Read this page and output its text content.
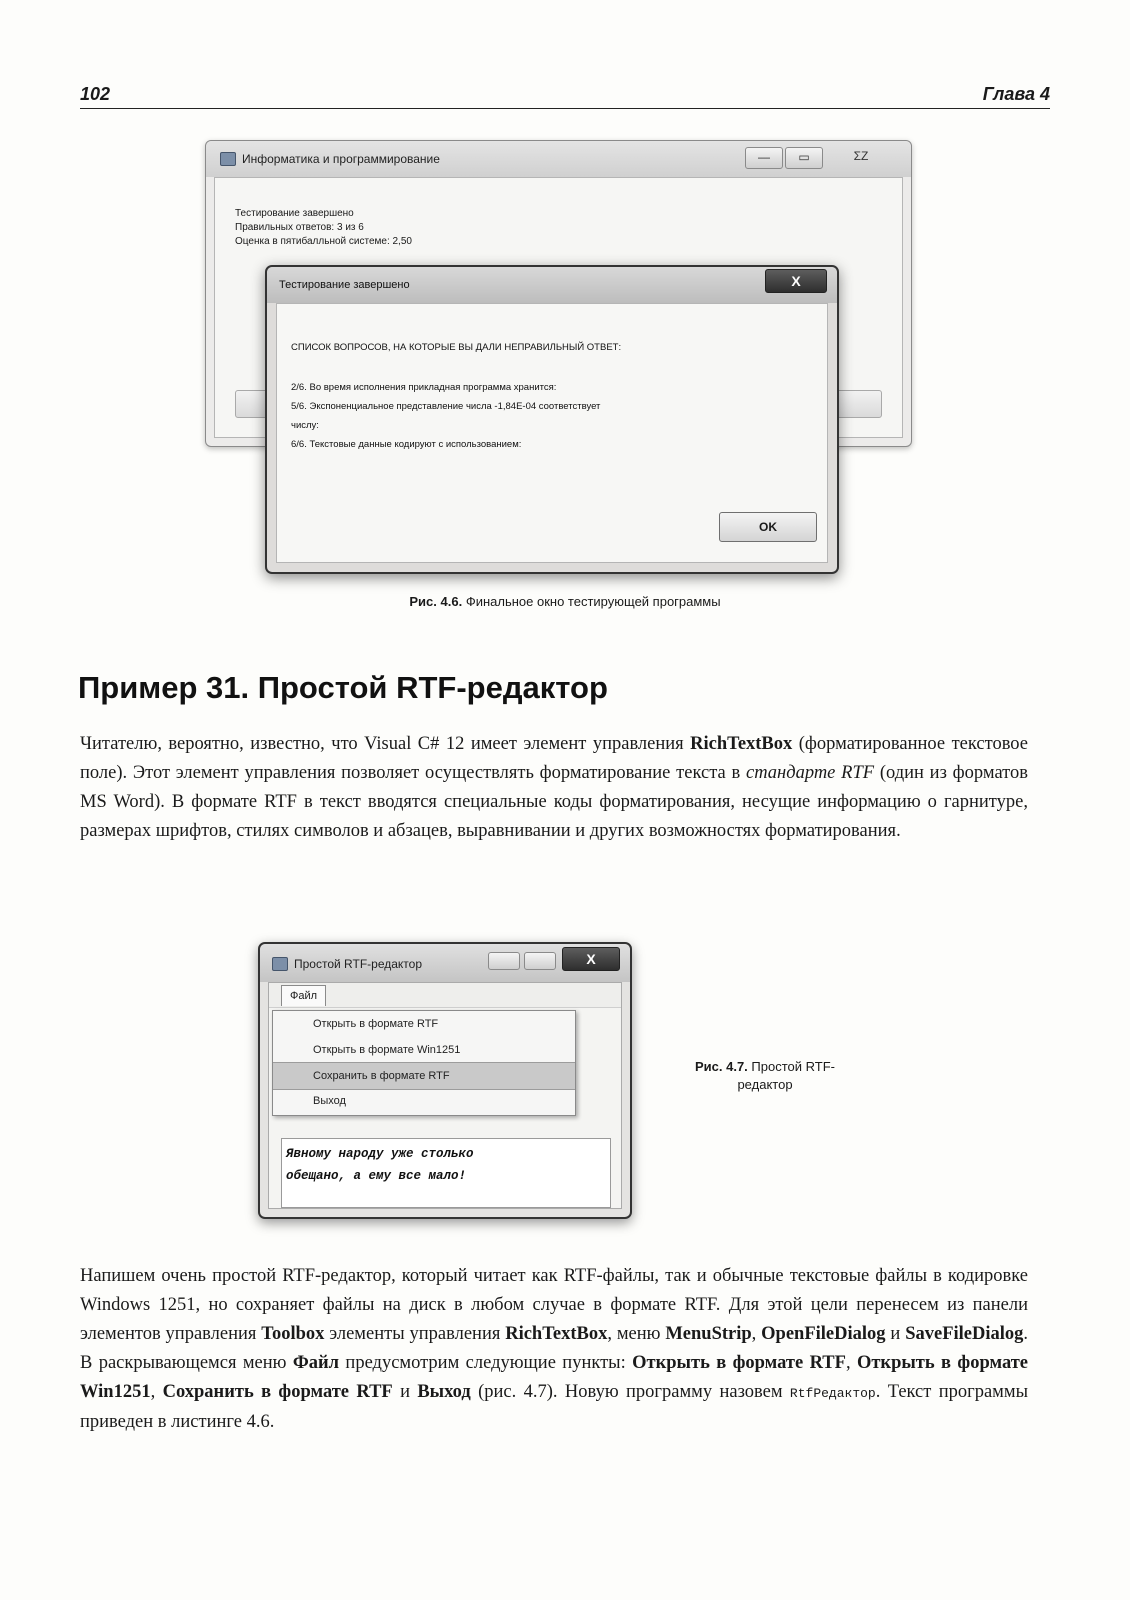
102	Глава 4
Информатика и программирование	—	▭	ΣΖ
Тестирование завершено
Правильных ответов: 3 из 6
Оценка в пятибалльной системе: 2,50
Тестирование завершено	X
СПИСОК ВОПРОСОВ, НА КОТОРЫЕ ВЫ ДАЛИ НЕПРАВИЛЬНЫЙ ОТВЕТ:
2/6. Во время исполнения прикладная программа хранится:
5/6. Экспоненциальное представление числа -1,84E-04 соответствует
числу:
6/6. Текстовые данные кодируют с использованием:
OK
Рис. 4.6. Финальное окно тестирующей программы
Пример 31. Простой RTF-редактор
Читателю, вероятно, известно, что Visual C# 12 имеет элемент управления RichTextBox (форматированное текстовое поле). Этот элемент управления позволяет осуществлять форматирование текста в стандарте RTF (один из форматов MS Word). В формате RTF в текст вводятся специальные коды форматирования, несущие информацию о гарнитуре, размерах шрифтов, стилях символов и абзацев, выравнивании и других возможностях форматирования.
Простой RTF-редактор	X
Файл
Явному народу уже столько
обещано, а ему все мало!
Открыть в формате RTF
Открыть в формате Win1251
Сохранить в формате RTF
Выход
Рис. 4.7. Простой RTF-редактор
Напишем очень простой RTF-редактор, который читает как RTF-файлы, так и обычные текстовые файлы в кодировке Windows 1251, но сохраняет файлы на диск в любом случае в формате RTF. Для этой цели перенесем из панели элементов управления Toolbox элементы управления RichTextBox, меню MenuStrip, OpenFileDialog и SaveFileDialog. В раскрывающемся меню Файл предусмотрим следующие пункты: Открыть в формате RTF, Открыть в формате Win1251, Сохранить в формате RTF и Выход (рис. 4.7). Новую программу назовем RtfРедактор. Текст программы приведен в листинге 4.6.
